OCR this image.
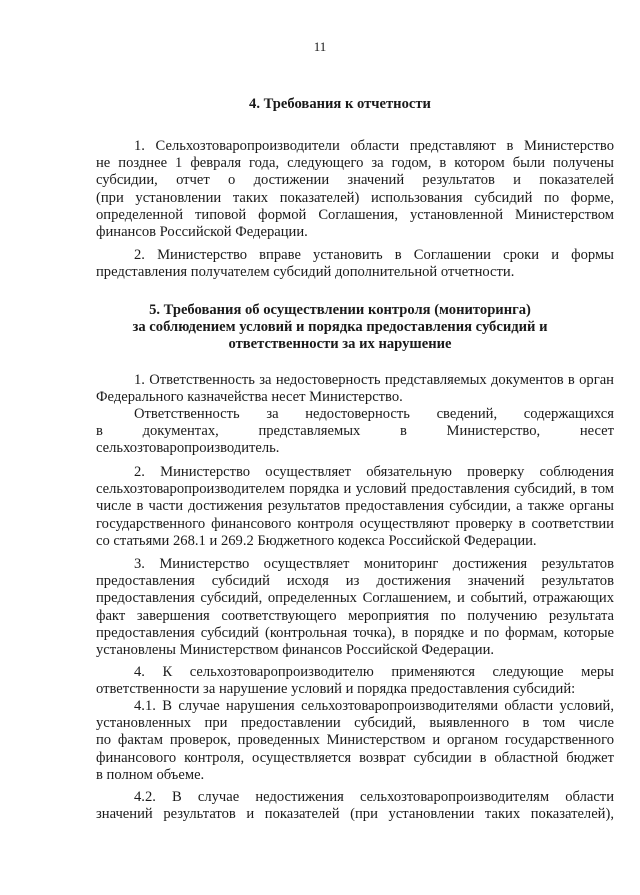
11
4. Требования к отчетности
1. Сельхозтоваропроизводители области представляют в Министерство
не позднее 1 февраля года, следующего за годом, в котором были получены
субсидии, отчет о достижении значений результатов и показателей
(при установлении таких показателей) использования субсидий по форме,
определенной типовой формой Соглашения, установленной Министерством
финансов Российской Федерации.
2. Министерство вправе установить в Соглашении сроки и формы
представления получателем субсидий дополнительной отчетности.
5. Требования об осуществлении контроля (мониторинга)
за соблюдением условий и порядка предоставления субсидий и
ответственности за их нарушение
1. Ответственность за недостоверность представляемых документов в орган
Федерального казначейства несет Министерство.
Ответственность за недостоверность сведений, содержащихся
в документах, представляемых в Министерство, несет
сельхозтоваропроизводитель.
2. Министерство осуществляет обязательную проверку соблюдения
сельхозтоваропроизводителем порядка и условий предоставления субсидий, в том
числе в части достижения результатов предоставления субсидии, а также органы
государственного финансового контроля осуществляют проверку в соответствии
со статьями 268.1 и 269.2 Бюджетного кодекса Российской Федерации.
3. Министерство осуществляет мониторинг достижения результатов
предоставления субсидий исходя из достижения значений результатов
предоставления субсидий, определенных Соглашением, и событий, отражающих
факт завершения соответствующего мероприятия по получению результата
предоставления субсидий (контрольная точка), в порядке и по формам, которые
установлены Министерством финансов Российской Федерации.
4. К сельхозтоваропроизводителю применяются следующие меры
ответственности за нарушение условий и порядка предоставления субсидий:
4.1. В случае нарушения сельхозтоваропроизводителями области условий,
установленных при предоставлении субсидий, выявленного в том числе
по фактам проверок, проведенных Министерством и органом государственного
финансового контроля, осуществляется возврат субсидии в областной бюджет
в полном объеме.
4.2. В случае недостижения сельхозтоваропроизводителям области
значений результатов и показателей (при установлении таких показателей),
